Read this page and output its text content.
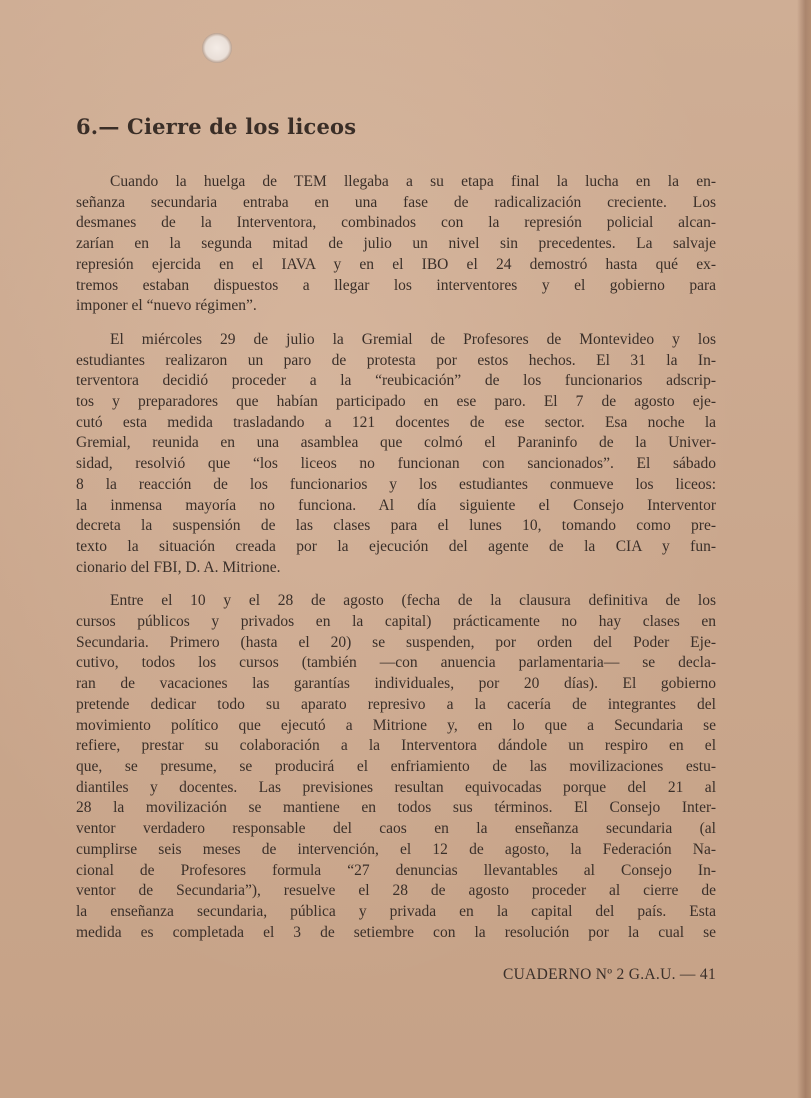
6.— Cierre de los liceos

Cuando la huelga de TEM llegaba a su etapa final la lucha en la en-
señanza secundaria entraba en una fase de radicalización creciente. Los
desmanes de la Interventora, combinados con la represión policial alcan-
zarían en la segunda mitad de julio un nivel sin precedentes. La salvaje
represión ejercida en el IAVA y en el IBO el 24 demostró hasta qué ex-
tremos estaban dispuestos a llegar los interventores y el gobierno para
imponer el “nuevo régimen”.

El miércoles 29 de julio la Gremial de Profesores de Montevideo y los
estudiantes realizaron un paro de protesta por estos hechos. El 31 la In-
terventora decidió proceder a la “reubicación” de los funcionarios adscrip-
tos y preparadores que habían participado en ese paro. El 7 de agosto eje-
cutó esta medida trasladando a 121 docentes de ese sector. Esa noche la
Gremial, reunida en una asamblea que colmó el Paraninfo de la Univer-
sidad, resolvió que “los liceos no funcionan con sancionados”. El sábado
8 la reacción de los funcionarios y los estudiantes conmueve los liceos:
la inmensa mayoría no funciona. Al día siguiente el Consejo Interventor
decreta la suspensión de las clases para el lunes 10, tomando como pre-
texto la situación creada por la ejecución del agente de la CIA y fun-
cionario del FBI, D. A. Mitrione.

Entre el 10 y el 28 de agosto (fecha de la clausura definitiva de los
cursos públicos y privados en la capital) prácticamente no hay clases en
Secundaria. Primero (hasta el 20) se suspenden, por orden del Poder Eje-
cutivo, todos los cursos (también —con anuencia parlamentaria— se decla-
ran de vacaciones las garantías individuales, por 20 días). El gobierno
pretende dedicar todo su aparato represivo a la cacería de integrantes del
movimiento político que ejecutó a Mitrione y, en lo que a Secundaria se
refiere, prestar su colaboración a la Interventora dándole un respiro en el
que, se presume, se producirá el enfriamiento de las movilizaciones estu-
diantiles y docentes. Las previsiones resultan equivocadas porque del 21 al
28 la movilización se mantiene en todos sus términos. El Consejo Inter-
ventor verdadero responsable del caos en la enseñanza secundaria (al
cumplirse seis meses de intervención, el 12 de agosto, la Federación Na-
cional de Profesores formula “27 denuncias llevantables al Consejo In-
ventor de Secundaria”), resuelve el 28 de agosto proceder al cierre de
la enseñanza secundaria, pública y privada en la capital del país. Esta
medida es completada el 3 de setiembre con la resolución por la cual se

CUADERNO Nº 2 G.A.U. — 41
